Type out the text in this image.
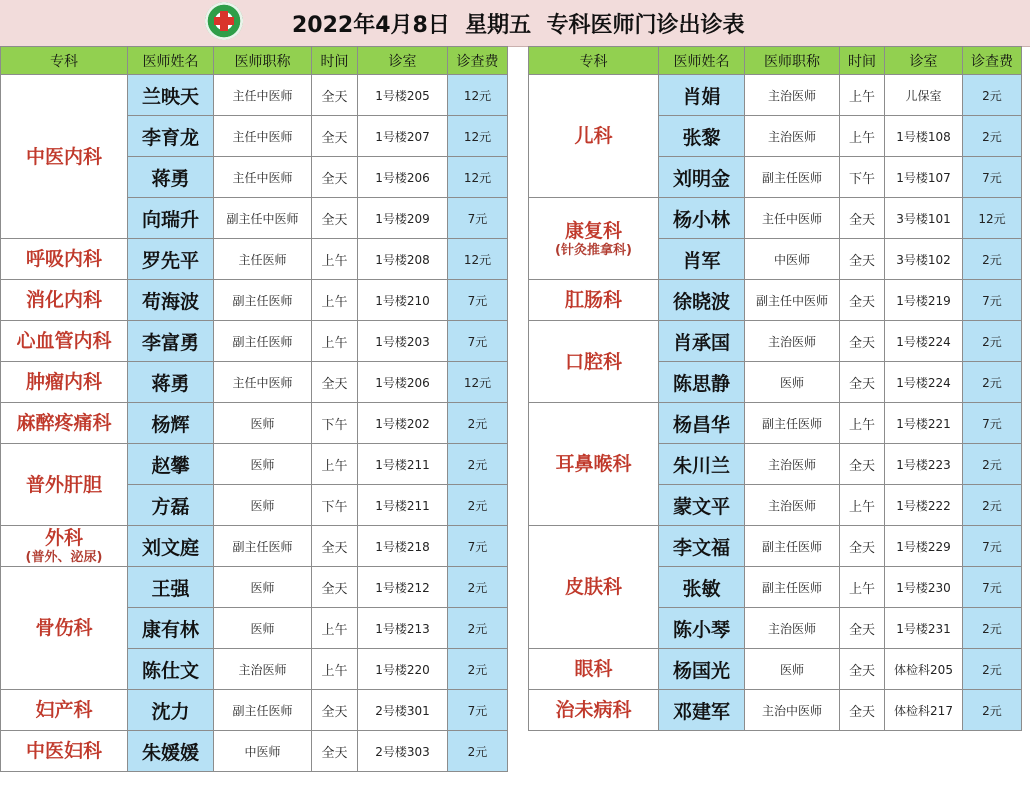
2022年4月8日  星期五  专科医师门诊出诊表
专科	医师姓名	医师职称	时间	诊室	诊查费

中医内科	兰映天	主任中医师	全天	1号楼205	12元
	李育龙	主任中医师	全天	1号楼207	12元
	蒋勇	主任中医师	全天	1号楼206	12元
	向瑞升	副主任中医师	全天	1号楼209	7元

呼吸内科	罗先平	主任医师	上午	1号楼208	12元

消化内科	苟海波	副主任医师	上午	1号楼210	7元

心血管内科	李富勇	副主任医师	上午	1号楼203	7元

肿瘤内科	蒋勇	主任中医师	全天	1号楼206	12元

麻醉疼痛科	杨辉	医师	下午	1号楼202	2元

普外肝胆	赵攀	医师	上午	1号楼211	2元
	方磊	医师	下午	1号楼211	2元

外科
(普外、泌尿)	刘文庭	副主任医师	全天	1号楼218	7元

骨伤科	王强	医师	全天	1号楼212	2元
	康有林	医师	上午	1号楼213	2元
	陈仕文	主治医师	上午	1号楼220	2元

妇产科	沈力	副主任医师	全天	2号楼301	7元

中医妇科	朱媛媛	中医师	全天	2号楼303	2元
专科	医师姓名	医师职称	时间	诊室	诊查费

儿科	肖娟	主治医师	上午	儿保室	2元
	张黎	主治医师	上午	1号楼108	2元
	刘明金	副主任医师	下午	1号楼107	7元

康复科
(针灸推拿科)	杨小林	主任中医师	全天	3号楼101	12元
	肖军	中医师	全天	3号楼102	2元

肛肠科	徐晓波	副主任中医师	全天	1号楼219	7元

口腔科	肖承国	主治医师	全天	1号楼224	2元
	陈思静	医师	全天	1号楼224	2元

耳鼻喉科	杨昌华	副主任医师	上午	1号楼221	7元
	朱川兰	主治医师	全天	1号楼223	2元
	蒙文平	主治医师	上午	1号楼222	2元

皮肤科	李文福	副主任医师	全天	1号楼229	7元
	张敏	副主任医师	上午	1号楼230	7元
	陈小琴	主治医师	全天	1号楼231	2元

眼科	杨国光	医师	全天	体检科205	2元

治未病科	邓建军	主治中医师	全天	体检科217	2元
